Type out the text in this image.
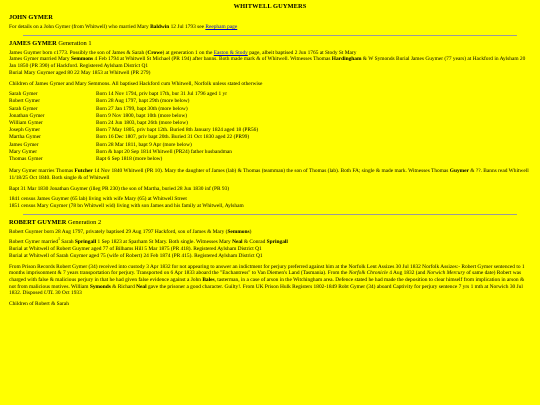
WHITWELL GUYMERS
JOHN GYMER

For details on a John Gymer (from Whitwell) who married Mary Baldwin 12 Jul 1793 see Reepham page

JAMES GYMER Generation 1

James Guymer born c1773. Possibly the son of James & Sarah (Crowe) at generation 1 on the Easton & Stody page, albeit baptised 2 Jun 1765 at Stody St Mary
James Gymer married Mary Semmons 4 Feb 1794 at Whitwell St Michael (PR 194) after banns. Both made mark & of Whitwell. Witnesses Thomas Hardingham & W Symonds Burial James Guymer (77 years) at Hackford in Aylsham 20 Jan 1850 (PR 390) of Hackford. Registered Aylsham District Q1
Burial Mary Guymer aged 80 22 May 1853 at Whitwell (PR 279)

Children of James Gymer and Mary Semmons. All baptised Hackford cum Whitwell, Norfolk unless stated otherwise

Sarah Gymer	Born 14 Nov 1794, priv bapt 17th, bur 31 Jul 1796 aged 1 yr
Robert Gymer	Born 28 Aug 1797, bapt 29th (more below)
Sarah Gymer	Born 27 Jan 1799, bapt 30th (more below)
Jonathan Gymer	Born 9 Nov 1800, bapt 10th (more below)
William Gymer	Born 24 Jun 1803, bapt 26th (more below)
Joseph Gymer	Born 7 May 1805, priv bapt 12th. Buried 8th January 1824 aged 18 (PR56)
Martha Gymer	Born 16 Dec 1807, priv bapt 20th. Buried 31 Oct 1830 aged 22 (PR99)
James Gymer	Born 28 Mar 1811, bapt 9 Apr (more below)
Mary Gymer	Born & bapt 20 Sep 1814 Whitwell (PR24) father husbandman
Thomas Gymer	Bapt 6 Sep 1818 (more below)

Mary Gymer marries Thomas Futcher 14 Nov 1840 Whitwell (PR 10). Mary the daughter of James (lab) & Thomas (teamman) the son of Thomas (lab). Both FA; single & made mark. Witnesses Thomas Guymer & ??. Banns read Whitwell 11/18/25 Oct 1840. Both single & of Whitwell

Bapt 31 Mar 1830 Jonathan Guymer (illeg PR 230) the son of Martha, buried 28 Jun 1830 inf (PR 93)

1841 census James Guymer (65 lab) living with wife Mary (65) at Whitwell Street
1851 census Mary Guymer (78 bn Whitwell wid) living with son James and his family at Whitwell, Aylsham

ROBERT GUYMER Generation 2

Robert Guymer born 28 Aug 1797, privately baptised 29 Aug 1797 Hackford, son of James & Mary (Semmons)

Robert Gymer married$^1$ Sarah Springall 1 Sep 1823 at Sparham St Mary. Both single. Witnesses Mary Neal & Conrad Springall
Burial at Whitwell of Robert Guymer aged 77 of Bilhams Hill 5 Mar 1875 (PR 418). Registered Aylsham District Q1
Burial at Whitwell of Sarah Guymer aged 75 (wife of Robert) 24 Feb 1874 (PR 415). Registered Aylsham District Q1

From Prison Records Robert Gymer (34) received into custody 3 Apr 1832 for not appearing to answer an indictment for perjury preferred against him at the Norfolk Lent Assizes 30 Jul 1832 Norfolk Assizes:- Robert Gymer sentenced to 1 months imprisonment & 7 years transportation for perjury. Transported on 6 Apr 1833 aboard the "Enchantress" to Van Diemen's Land (Tasmania). From the Norfolk Chronicle 4 Aug 1832 (and Norwich Mercury of same date) Robert was charged with false & malicious perjury in that he had given false evidence against a John Bales, tasterman, in a case of arson in the Witchingham area. Defence stated he had made the deposition to clear himself from implication in arson & not from malicious motives. William Symonds & Richard Neal gave the prisoner a good character. Guilty!. From UK Prison Hulk Registers 1802-1849 Robt Gymer (34) aboard Captivity for perjury sentence 7 yrs 1 mth at Norwich 30 Jul 1832. Disposed UTL 30 Oct 1933

Children of Robert & Sarah
